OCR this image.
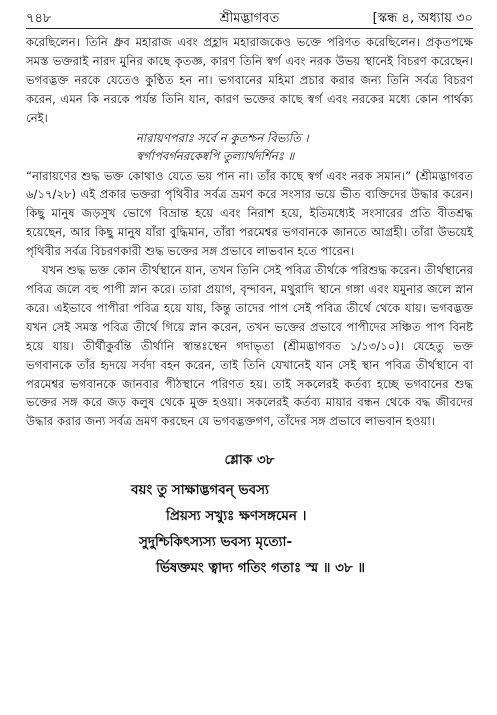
৭৪৮	শ্রীমদ্ভাগবত	[স্কন্ধ ৪, অধ্যায় ৩০

করেছিলেন। তিনি ধ্রুব মহারাজ এবং প্রহ্লাদ মহারাজকেও ভক্তে পরিণত করেছিলেন। প্রকৃতপক্ষে সমস্ত ভক্তরাই নারদ মুনির কাছে কৃতজ্ঞ, কারণ তিনি স্বর্গ এবং নরক উভয় স্থানেই বিচরণ করেছেন। ভগবদ্ভক্ত নরকে যেতেও কুণ্ঠিত হন না। ভগবানের মহিমা প্রচার করার জন্য তিনি সর্বত্র বিচরণ করেন, এমন কি নরকে পর্যন্ত তিনি যান, কারণ ভক্তের কাছে স্বর্গ এবং নরকের মধ্যে কোন পার্থক্য নেই।

নারায়ণপরাঃ সর্বে ন কুতশ্চন বিভ্যতি ।
স্বর্গাপবর্গনরকেষ্বপি তুল্যার্থদর্শিনঃ ॥

“নারায়ণের শুদ্ধ ভক্ত কোথাও যেতে ভয় পান না। তাঁর কাছে স্বর্গ এবং নরক সমান।” (শ্রীমদ্ভাগবত ৬/১৭/২৮) এই প্রকার ভক্তরা পৃথিবীর সর্বত্র ভ্রমণ করে সংসার ভয়ে ভীত ব্যক্তিদের উদ্ধার করেন। কিছু মানুষ জড়সুখ ভোগে বিভ্রান্ত হয়ে এবং নিরাশ হয়ে, ইতিমধ্যেই সংসারের প্রতি বীতশ্রদ্ধ হয়েছেন, আর কিছু মানুষ যাঁরা বুদ্ধিমান, তাঁরা পরমেশ্বর ভগবানকে জানতে আগ্রহী। তাঁরা উভয়েই পৃথিবীর সর্বত্র বিচরণকারী শুদ্ধ ভক্তের সঙ্গ প্রভাবে লাভবান হতে পারেন।

যখন শুদ্ধ ভক্ত কোন তীর্থস্থানে যান, তখন তিনি সেই পবিত্র তীর্থকে পরিশুদ্ধ করেন। তীর্থস্থানের পবিত্র জলে বহু পাপী স্নান করে। তারা প্রয়াগ, বৃন্দাবন, মথুরাদি স্থানে গঙ্গা এবং যমুনার জলে স্নান করে। এইভাবে পাপীরা পবিত্র হয়ে যায়, কিন্তু তাদের পাপ সেই পবিত্র তীর্থে থেকে যায়। ভগবদ্ভক্ত যখন সেই সমস্ত পবিত্র তীর্থে গিয়ে স্নান করেন, তখন ভক্তের প্রভাবে পাপীদের সঞ্চিত পাপ বিনষ্ট হয়ে যায়। তীর্থীকুর্বন্তি তীর্থানি স্বান্তঃস্থেন গদাভৃতা (শ্রীমদ্ভাগবত ১/১৩/১০)। যেহেতু ভক্ত ভগবানকে তাঁর হৃদয়ে সর্বদা বহন করেন, তাই তিনি যেখানেই যান সেই স্থান পবিত্র তীর্থস্থানে বা পরমেশ্বর ভগবানকে জানবার পীঠস্থানে পরিণত হয়। তাই সকলেরই কর্তব্য হচ্ছে ভগবানের শুদ্ধ ভক্তের সঙ্গ করে জড় কলুষ থেকে মুক্ত হওয়া। সকলেরই কর্তব্য মায়ার বন্ধন থেকে বদ্ধ জীবদের উদ্ধার করার জন্য সর্বত্র ভ্রমণ করছেন যে ভগবদ্ভক্তগণ, তাঁদের সঙ্গ প্রভাবে লাভবান হওয়া।

শ্লোক ৩৮
বয়ং তু সাক্ষাদ্ভগবন্ ভবস্য
প্রিয়স্য সখ্যুঃ ক্ষণসঙ্গমেন ।
সুদুশ্চিকিৎস্যস্য ভবস্য মৃত্যো-
র্ভিষক্তমং ত্বাদ্য গতিং গতাঃ স্ম ॥ ৩৮ ॥
